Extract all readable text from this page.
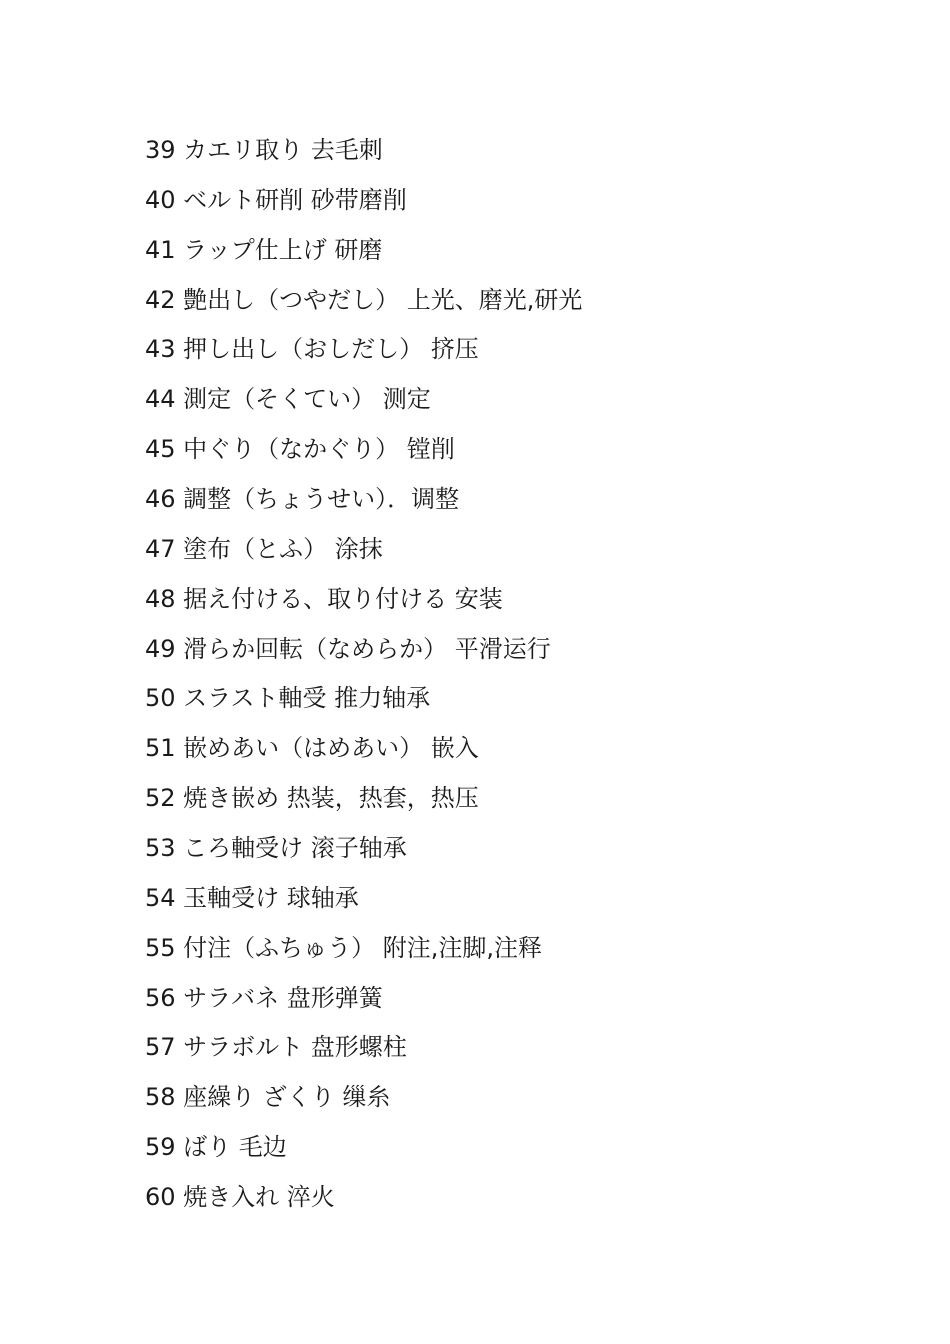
39 カエリ取り 去毛刺
40 ベルト研削 砂带磨削
41 ラップ仕上げ 研磨
42 艶出し（つやだし） 上光、磨光,研光
43 押し出し（おしだし） 挤压
44 測定（そくてい） 测定
45 中ぐり（なかぐり） 镗削
46 調整（ちょうせい）．调整
47 塗布（とふ） 涂抹
48 据え付ける、取り付ける 安装
49 滑らか回転（なめらか） 平滑运行
50 スラスト軸受 推力轴承
51 嵌めあい（はめあい） 嵌入
52 焼き嵌め 热装，热套，热压
53 ころ軸受け 滚子轴承
54 玉軸受け 球轴承
55 付注（ふちゅう） 附注,注脚,注释
56 サラバネ 盘形弹簧
57 サラボルト 盘形螺柱
58 座繰り ざくり 缫糸
59 ばり 毛边
60 焼き入れ 淬火
